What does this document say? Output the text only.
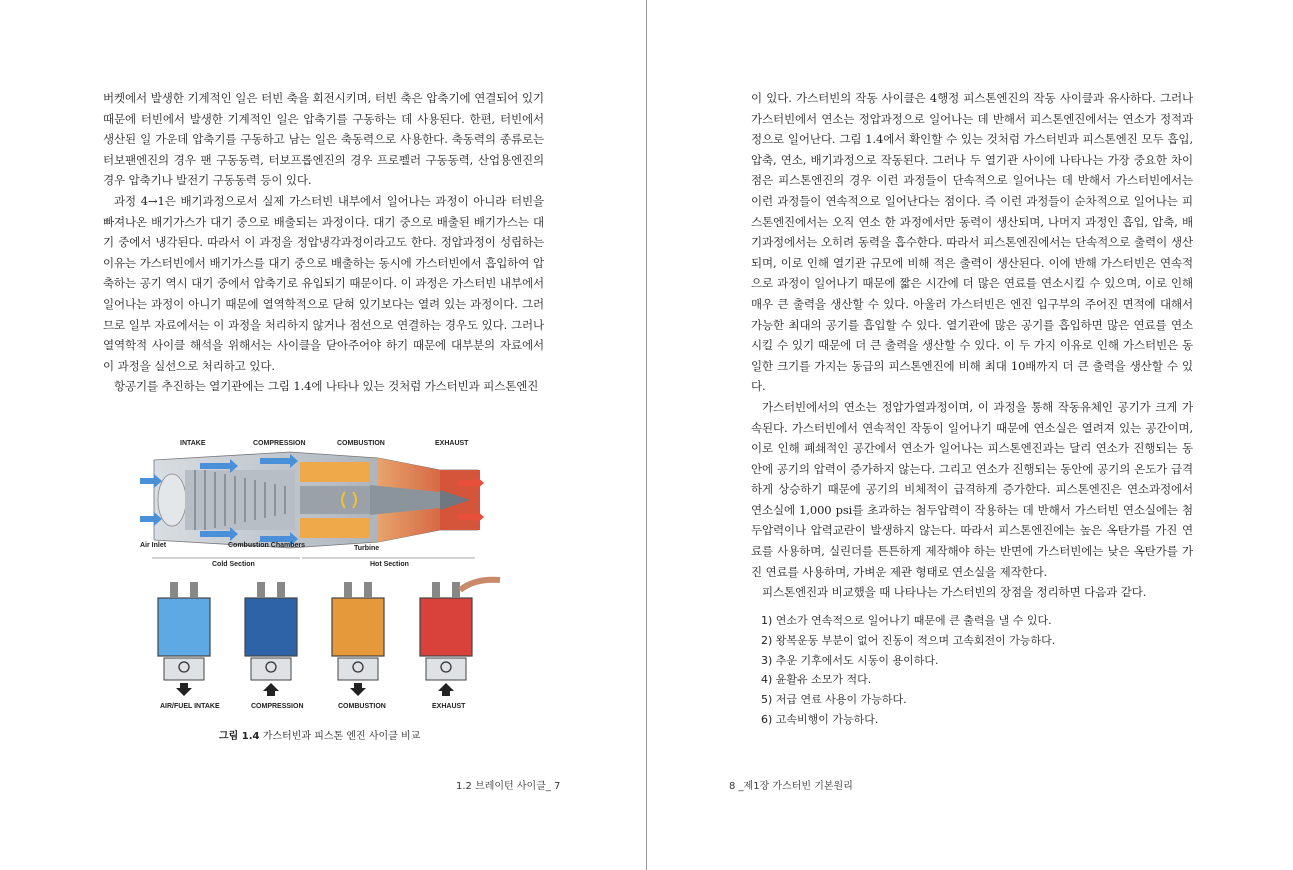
버켓에서 발생한 기계적인 일은 터빈 축을 회전시키며, 터빈 축은 압축기에 연결되어 있기 때문에 터빈에서 발생한 기계적인 일은 압축기를 구동하는 데 사용된다. 한편, 터빈에서 생산된 일 가운데 압축기를 구동하고 남는 일은 축동력으로 사용한다. 축동력의 종류로는 터보팬엔진의 경우 팬 구동동력, 터보프롭엔진의 경우 프로펠러 구동동력, 산업용엔진의 경우 압축기나 발전기 구동동력 등이 있다.

과정 4→1은 배기과정으로서 실제 가스터빈 내부에서 일어나는 과정이 아니라 터빈을 빠져나온 배기가스가 대기 중으로 배출되는 과정이다. 대기 중으로 배출된 배기가스는 대기 중에서 냉각된다. 따라서 이 과정을 정압냉각과정이라고도 한다. 정압과정이 성립하는 이유는 가스터빈에서 배기가스를 대기 중으로 배출하는 동시에 가스터빈에서 흡입하여 압축하는 공기 역시 대기 중에서 압축기로 유입되기 때문이다. 이 과정은 가스터빈 내부에서 일어나는 과정이 아니기 때문에 열역학적으로 닫혀 있기보다는 열려 있는 과정이다. 그러므로 일부 자료에서는 이 과정을 처리하지 않거나 점선으로 연결하는 경우도 있다. 그러나 열역학적 사이클 해석을 위해서는 사이클을 닫아주어야 하기 때문에 대부분의 자료에서 이 과정을 실선으로 처리하고 있다.

항공기를 추진하는 열기관에는 그림 1.4에 나타나 있는 것처럼 가스터빈과 피스톤엔진

INTAKE	COMPRESSION	COMBUSTION	EXHAUST
Air Inlet	Combustion Chambers	Turbine
Cold Section	Hot Section
AIR/FUEL INTAKE	COMPRESSION	COMBUSTION	EXHAUST
그림 1.4 가스터빈과 피스톤 엔진 사이클 비교
1.2 브레이턴 사이클_ 7

이 있다. 가스터빈의 작동 사이클은 4행정 피스톤엔진의 작동 사이클과 유사하다. 그러나 가스터빈에서 연소는 정압과정으로 일어나는 데 반해서 피스톤엔진에서는 연소가 정적과정으로 일어난다. 그림 1.4에서 확인할 수 있는 것처럼 가스터빈과 피스톤엔진 모두 흡입, 압축, 연소, 배기과정으로 작동된다. 그러나 두 열기관 사이에 나타나는 가장 중요한 차이점은 피스톤엔진의 경우 이런 과정들이 단속적으로 일어나는 데 반해서 가스터빈에서는 이런 과정들이 연속적으로 일어난다는 점이다. 즉 이런 과정들이 순차적으로 일어나는 피스톤엔진에서는 오직 연소 한 과정에서만 동력이 생산되며, 나머지 과정인 흡입, 압축, 배기과정에서는 오히려 동력을 흡수한다. 따라서 피스톤엔진에서는 단속적으로 출력이 생산되며, 이로 인해 열기관 규모에 비해 적은 출력이 생산된다. 이에 반해 가스터빈은 연속적으로 과정이 일어나기 때문에 짧은 시간에 더 많은 연료를 연소시킬 수 있으며, 이로 인해 매우 큰 출력을 생산할 수 있다. 아울러 가스터빈은 엔진 입구부의 주어진 면적에 대해서 가능한 최대의 공기를 흡입할 수 있다. 열기관에 많은 공기를 흡입하면 많은 연료를 연소시킬 수 있기 때문에 더 큰 출력을 생산할 수 있다. 이 두 가지 이유로 인해 가스터빈은 동일한 크기를 가지는 동급의 피스톤엔진에 비해 최대 10배까지 더 큰 출력을 생산할 수 있다.

가스터빈에서의 연소는 정압가열과정이며, 이 과정을 통해 작동유체인 공기가 크게 가속된다. 가스터빈에서 연속적인 작동이 일어나기 때문에 연소실은 열려져 있는 공간이며, 이로 인해 폐쇄적인 공간에서 연소가 일어나는 피스톤엔진과는 달리 연소가 진행되는 동안에 공기의 압력이 증가하지 않는다. 그리고 연소가 진행되는 동안에 공기의 온도가 급격하게 상승하기 때문에 공기의 비체적이 급격하게 증가한다. 피스톤엔진은 연소과정에서 연소실에 1,000 psi를 초과하는 첨두압력이 작용하는 데 반해서 가스터빈 연소실에는 첨두압력이나 압력교란이 발생하지 않는다. 따라서 피스톤엔진에는 높은 옥탄가를 가진 연료를 사용하며, 실린더를 튼튼하게 제작해야 하는 반면에 가스터빈에는 낮은 옥탄가를 가진 연료를 사용하며, 가벼운 제관 형태로 연소실을 제작한다.

피스톤엔진과 비교했을 때 나타나는 가스터빈의 장점을 정리하면 다음과 같다.

1) 연소가 연속적으로 일어나기 때문에 큰 출력을 낼 수 있다.
2) 왕복운동 부분이 없어 진동이 적으며 고속회전이 가능하다.
3) 추운 기후에서도 시동이 용이하다.
4) 윤활유 소모가 적다.
5) 저급 연료 사용이 가능하다.
6) 고속비행이 가능하다.
8 _제1장 가스터빈 기본원리
